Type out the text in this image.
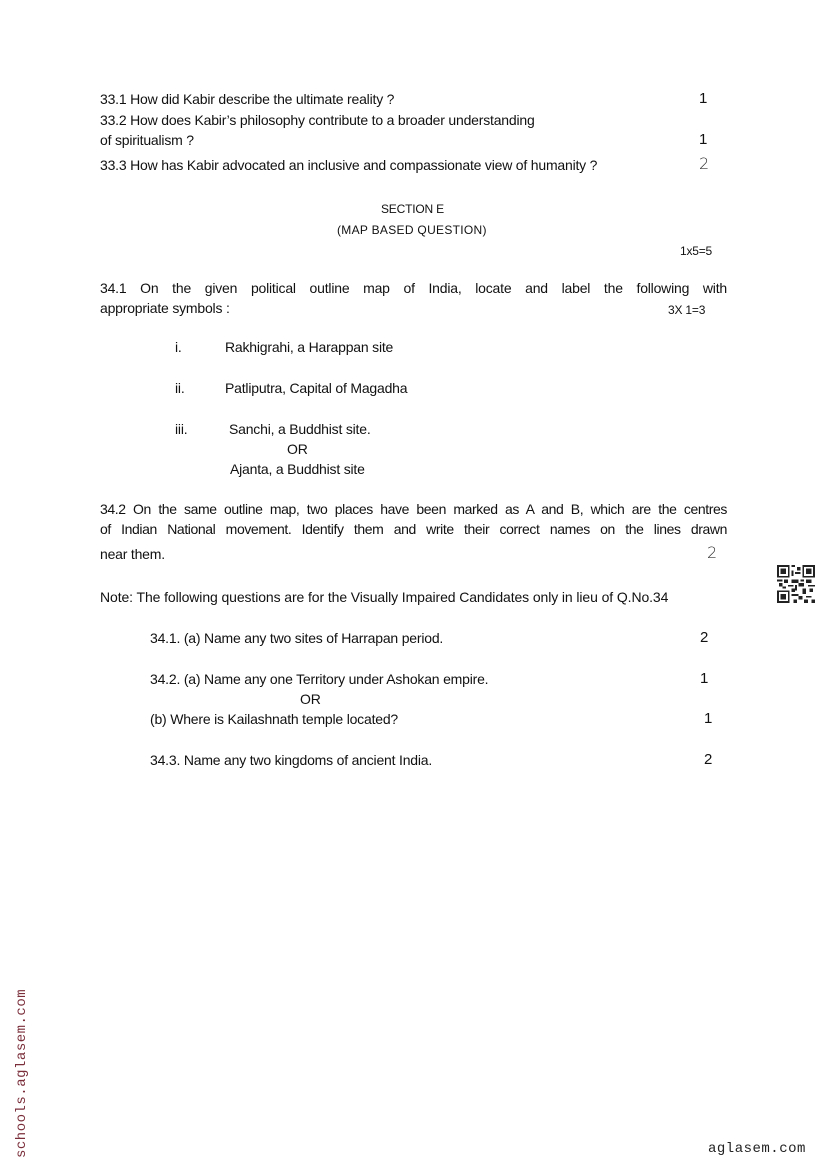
33.1 How did Kabir describe the ultimate reality ?	1
33.2 How does Kabir’s philosophy contribute to a broader understanding
of spiritualism ?	1
33.3 How has Kabir advocated an inclusive and compassionate view of humanity ?	2
SECTION E
(MAP BASED QUESTION)
1x5=5
34.1 On the given political outline map of India, locate and label the following with
appropriate symbols :	3X 1=3
i.	Rakhigrahi, a Harappan site
ii.	Patliputra, Capital of Magadha
iii.	Sanchi, a Buddhist site.
OR
Ajanta, a Buddhist site
34.2 On the same outline map, two places have been marked as A and B, which are the centres
of Indian National movement. Identify them and write their correct names on the lines drawn
near them.	2
Note: The following questions are for the Visually Impaired Candidates only in lieu of Q.No.34
34.1. (a) Name any two sites of Harrapan period.	2
34.2. (a) Name any one Territory under Ashokan empire.	1
OR
(b) Where is Kailashnath temple located?	1
34.3. Name any two kingdoms of ancient India.	2
schools.aglasem.com	aglasem.com
